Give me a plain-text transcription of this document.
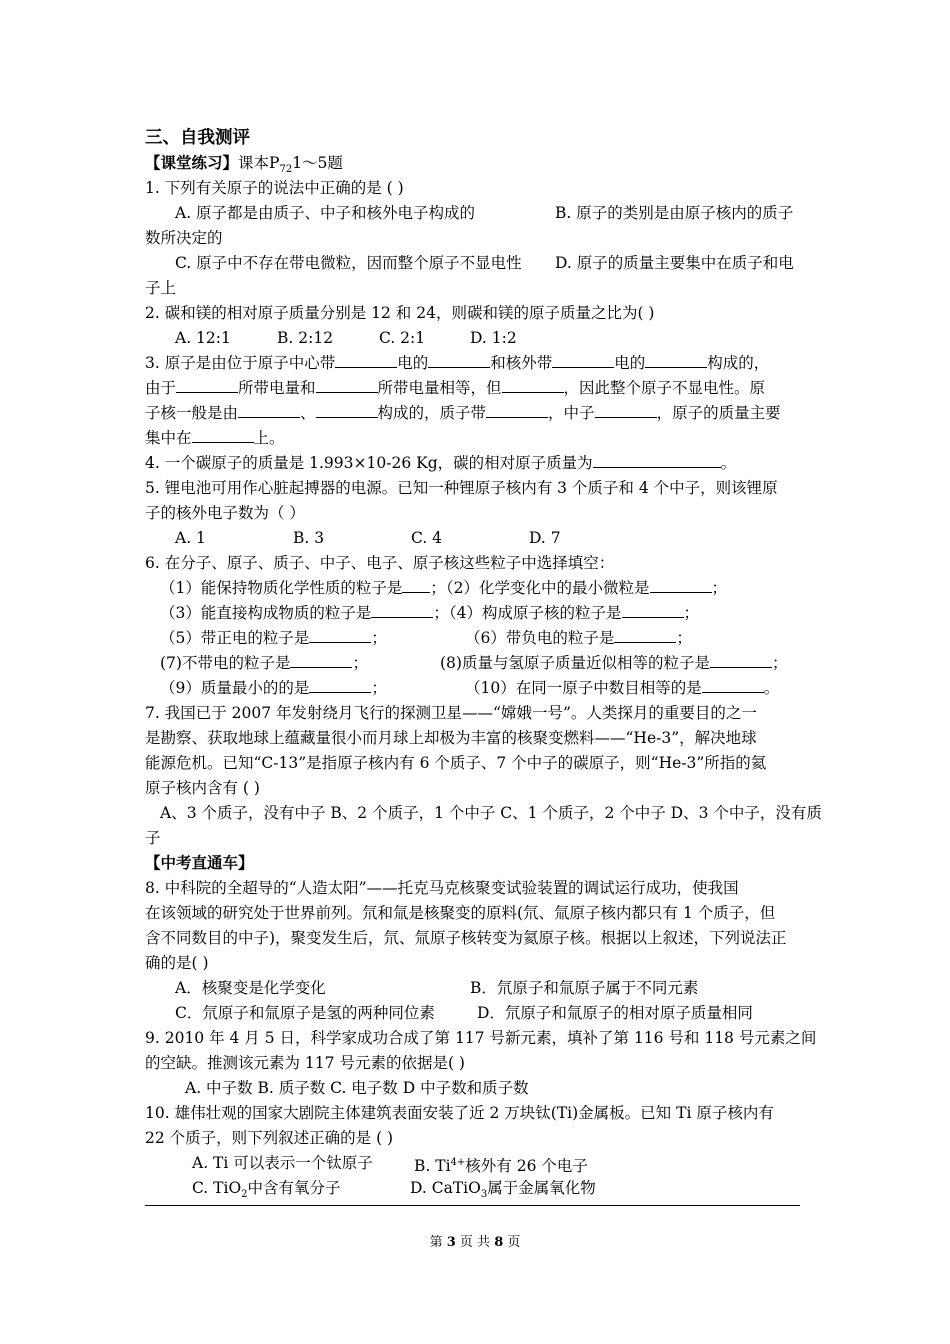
三、自我测评
【课堂练习】课本$P_{72}1\sim 5$题
1. 下列有关原子的说法中正确的是 ( )
A. 原子都是由质子、中子和核外电子构成的	B. 原子的类别是由原子核内的质子
数所决定的
C. 原子中不存在带电微粒，因而整个原子不显电性 D. 原子的质量主要集中在质子和电
子上
2. 碳和镁的相对原子质量分别是 12 和 24，则碳和镁的原子质量之比为( )
A. 12:1	B. 2:12	C. 2:1	D. 1:2
3. 原子是由位于原子中心带	电的	和核外带	电的	构成的，
由于	所带电量和	所带电量相等，但	，因此整个原子不显电性。原
子核一般是由	、	构成的，质子带	，中子	，原子的质量主要
集中在	上。
4. 一个碳原子的质量是 1.993×10-26 Kg，碳的相对原子质量为	。
5. 锂电池可用作心脏起搏器的电源。已知一种锂原子核内有 3 个质子和 4 个中子，则该锂原
子的核外电子数为（ ）
A. 1	B. 3	C. 4	D. 7
6. 在分子、原子、质子、中子、电子、原子核这些粒子中选择填空：
（1）能保持物质化学性质的粒子是 ；（2）化学变化中的最小微粒是	；
（3）能直接构成物质的粒子是	；（4）构成原子核的粒子是	；
（5）带正电的粒子是	；	（6）带负电的粒子是	；
(7)不带电的粒子是	；	(8)质量与氢原子质量近似相等的粒子是	；
（9）质量最小的的是	；	（10）在同一原子中数目相等的是	。
7. 我国已于 2007 年发射绕月飞行的探测卫星——“嫦娥一号”。人类探月的重要目的之一
是勘察、获取地球上蕴藏量很小而月球上却极为丰富的核聚变燃料——“He-3”，解决地球
能源危机。已知“C-13”是指原子核内有 6 个质子、7 个中子的碳原子，则“He-3”所指的氦
原子核内含有 ( )
A、3 个质子，没有中子 B、2 个质子，1 个中子 C、1 个质子，2 个中子 D、3 个中子，没有质
子
【中考直通车】
8. 中科院的全超导的“人造太阳”——托克马克核聚变试验装置的调试运行成功，使我国
在该领域的研究处于世界前列。氘和氚是核聚变的原料(氘、氚原子核内都只有 1 个质子，但
含不同数目的中子)，聚变发生后，氘、氚原子核转变为氦原子核。根据以上叙述，下列说法正
确的是( )
A．核聚变是化学变化	B．氘原子和氚原子属于不同元素
C．氘原子和氚原子是氢的两种同位素	D．氘原子和氚原子的相对原子质量相同
9. 2010 年 4 月 5 日，科学家成功合成了第 117 号新元素，填补了第 116 号和 118 号元素之间
的空缺。推测该元素为 117 号元素的依据是( )
A. 中子数 B. 质子数 C. 电子数 D 中子数和质子数
10. 雄伟壮观的国家大剧院主体建筑表面安装了近 2 万块钛(Ti)金属板。已知 Ti 原子核内有
22 个质子，则下列叙述正确的是 ( )
A. Ti 可以表示一个钛原子	B. $Ti^{4+}$核外有 26 个电子
C. TiO$_2$中含有氧分子	D. CaTiO$_3$属于金属氧化物
第 3 页 共 8 页
